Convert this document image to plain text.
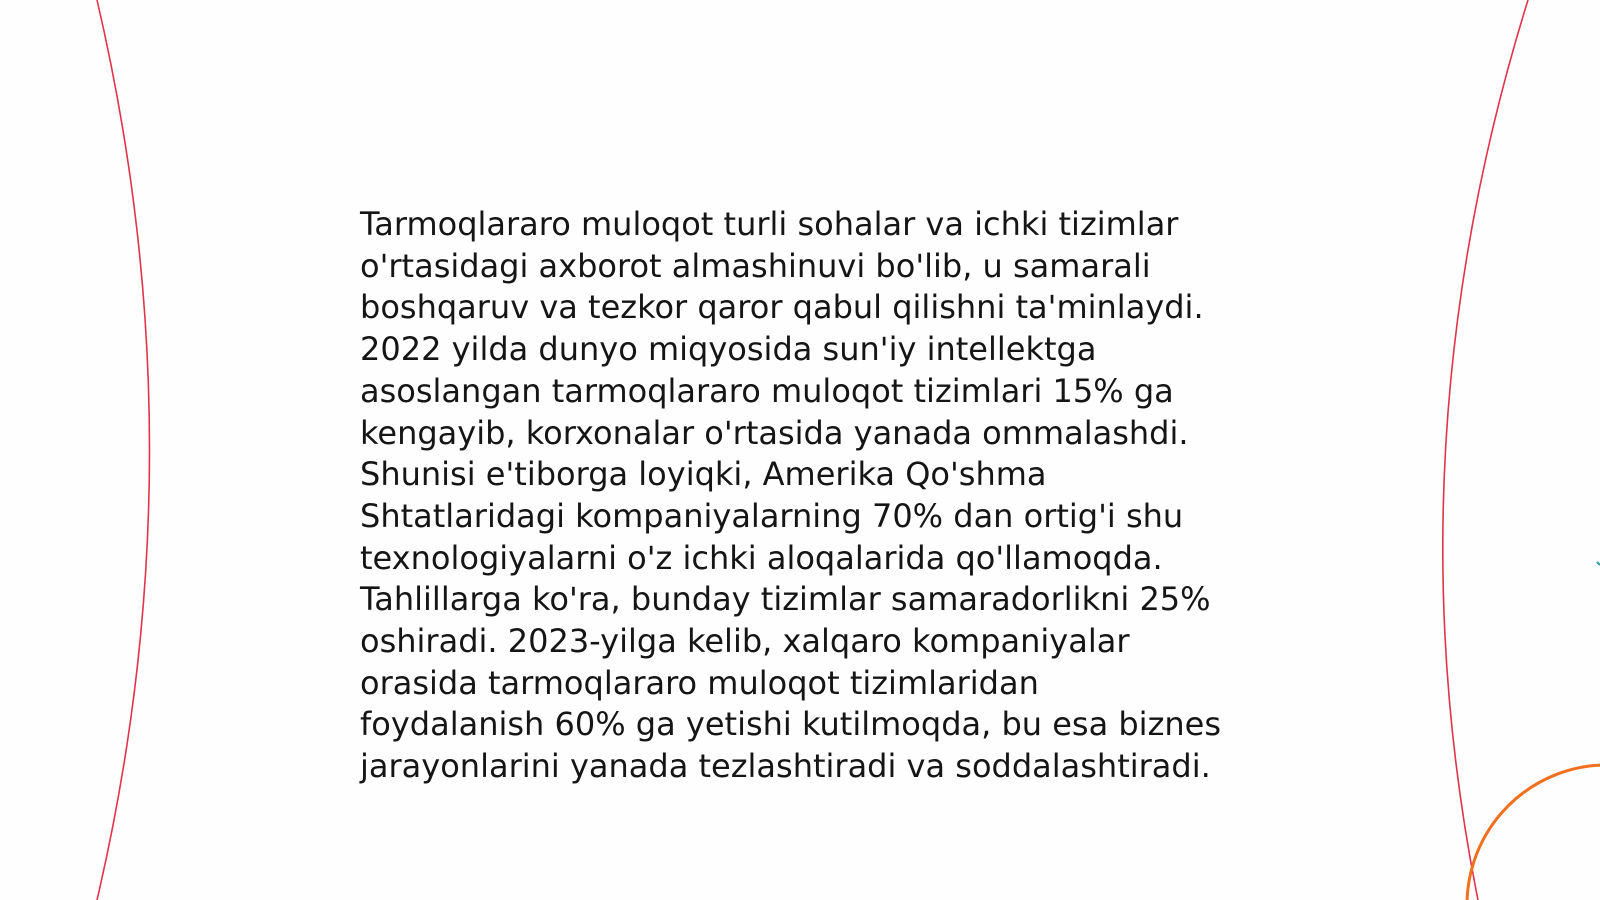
Tarmoqlararo muloqot turli sohalar va ichki tizimlar
o'rtasidagi axborot almashinuvi bo'lib, u samarali
boshqaruv va tezkor qaror qabul qilishni ta'minlaydi.
2022 yilda dunyo miqyosida sun'iy intellektga
asoslangan tarmoqlararo muloqot tizimlari 15% ga
kengayib, korxonalar o'rtasida yanada ommalashdi.
Shunisi e'tiborga loyiqki, Amerika Qo'shma
Shtatlaridagi kompaniyalarning 70% dan ortig'i shu
texnologiyalarni o'z ichki aloqalarida qo'llamoqda.
Tahlillarga ko'ra, bunday tizimlar samaradorlikni 25%
oshiradi. 2023-yilga kelib, xalqaro kompaniyalar
orasida tarmoqlararo muloqot tizimlaridan
foydalanish 60% ga yetishi kutilmoqda, bu esa biznes
jarayonlarini yanada tezlashtiradi va soddalashtiradi.
